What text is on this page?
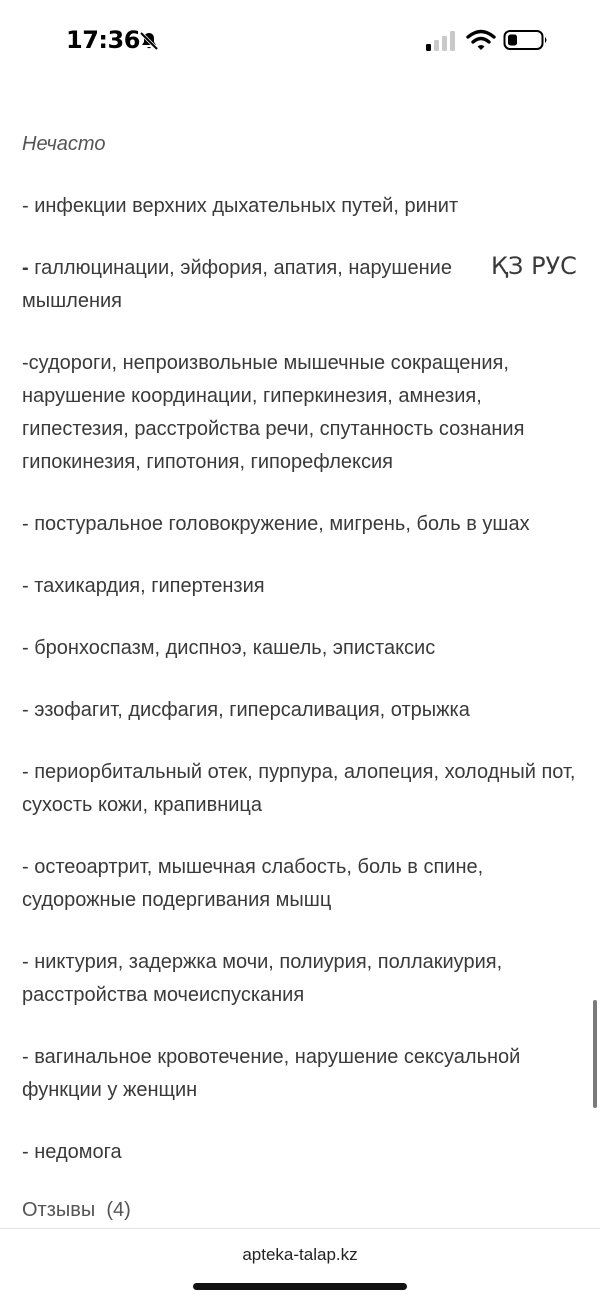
17:36
ҚЗ РУС
Нечасто
- инфекции верхних дыхательных путей, ринит
- галлюцинации, эйфория, апатия, нарушение мышления
-судороги, непроизвольные мышечные сокращения, нарушение координации, гиперкинезия, амнезия, гипестезия, расстройства речи, спутанность сознания гипокинезия, гипотония, гипорефлексия
- постуральное головокружение, мигрень, боль в ушах
- тахикардия, гипертензия
- бронхоспазм, диспноэ, кашель, эпистаксис
- эзофагит, дисфагия, гиперсаливация, отрыжка
- периорбитальный отек, пурпура, алопеция, холодный пот, сухость кожи, крапивница
- остеоартрит, мышечная слабость, боль в спине, судорожные подергивания мышц
- никтурия, задержка мочи, полиурия, поллакиурия, расстройства мочеиспускания
- вагинальное кровотечение, нарушение сексуальной функции у женщин
- недомога
Отзывы (4)
apteka-talap.kz
